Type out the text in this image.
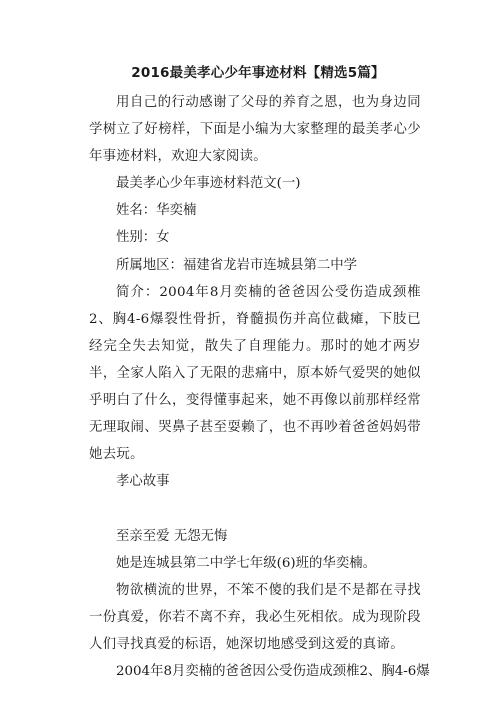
2016最美孝心少年事迹材料【精选5篇】

用自己的行动感谢了父母的养育之恩，也为身边同学树立了好榜样，下面是小编为大家整理的最美孝心少年事迹材料，欢迎大家阅读。

最美孝心少年事迹材料范文(一)

姓名：华奕楠

性别：女

所属地区：福建省龙岩市连城县第二中学

简介：2004年8月奕楠的爸爸因公受伤造成颈椎2、胸4-6爆裂性骨折，脊髓损伤并高位截瘫，下肢已经完全失去知觉，散失了自理能力。那时的她才两岁半，全家人陷入了无限的悲痛中，原本娇气爱哭的她似乎明白了什么，变得懂事起来，她不再像以前那样经常无理取闹、哭鼻子甚至耍赖了，也不再吵着爸爸妈妈带她去玩。

孝心故事

至亲至爱 无怨无悔

她是连城县第二中学七年级(6)班的华奕楠。

物欲横流的世界，不笨不傻的我们是不是都在寻找一份真爱，你若不离不弃，我必生死相依。成为现阶段人们寻找真爱的标语，她深切地感受到这爱的真谛。

2004年8月奕楠的爸爸因公受伤造成颈椎2、胸4-6爆
